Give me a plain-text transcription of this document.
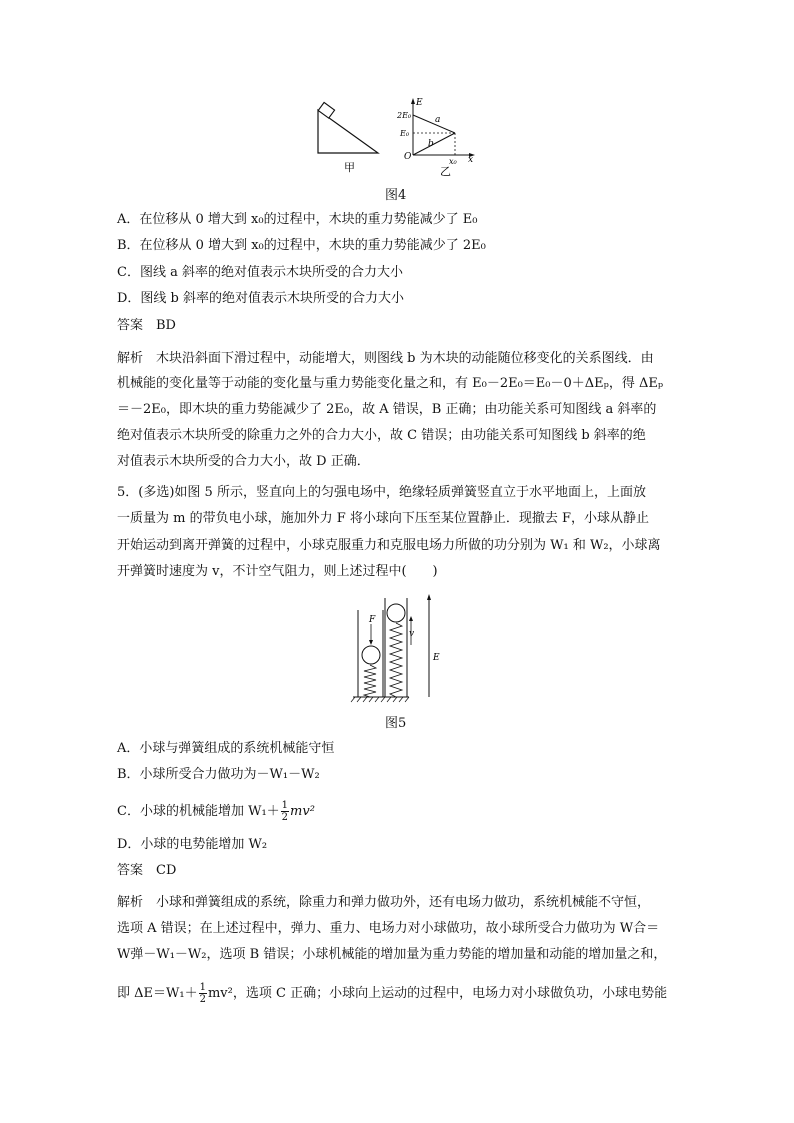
甲
E
x
O
2E₀
E₀
x₀
a
b
乙
图4
A．在位移从 0 增大到 x₀的过程中，木块的重力势能减少了 E₀
B．在位移从 0 增大到 x₀的过程中，木块的重力势能减少了 2E₀
C．图线 a 斜率的绝对值表示木块所受的合力大小
D．图线 b 斜率的绝对值表示木块所受的合力大小
答案　BD
解析　木块沿斜面下滑过程中，动能增大，则图线 b 为木块的动能随位移变化的关系图线．由
机械能的变化量等于动能的变化量与重力势能变化量之和，有 E₀－2E₀＝E₀－0＋ΔEₚ，得 ΔEₚ
＝－2E₀，即木块的重力势能减少了 2E₀，故 A 错误，B 正确；由功能关系可知图线 a 斜率的
绝对值表示木块所受的除重力之外的合力大小，故 C 错误；由功能关系可知图线 b 斜率的绝
对值表示木块所受的合力大小，故 D 正确．
5．(多选)如图 5 所示，竖直向上的匀强电场中，绝缘轻质弹簧竖直立于水平地面上，上面放
一质量为 m 的带负电小球，施加外力 F 将小球向下压至某位置静止．现撤去 F，小球从静止
开始运动到离开弹簧的过程中，小球克服重力和克服电场力所做的功分别为 W₁ 和 W₂，小球离
开弹簧时速度为 v，不计空气阻力，则上述过程中(　　)
F
v
E
图5
A．小球与弹簧组成的系统机械能守恒
B．小球所受合力做功为－W₁－W₂
C．小球的机械能增加 $W_1+ \frac{1}{2} mv^2$
D．小球的电势能增加 W₂
答案　CD
解析　小球和弹簧组成的系统，除重力和弹力做功外，还有电场力做功，系统机械能不守恒，
选项 A 错误；在上述过程中，弹力、重力、电场力对小球做功，故小球所受合力做功为 W合＝
W弹－W₁－W₂，选项 B 错误；小球机械能的增加量为重力势能的增加量和动能的增加量之和，
即 $\Delta E=W_1+ \frac{1}{2} mv^2$，选项 C 正确；小球向上运动的过程中，电场力对小球做负功，小球电势能
